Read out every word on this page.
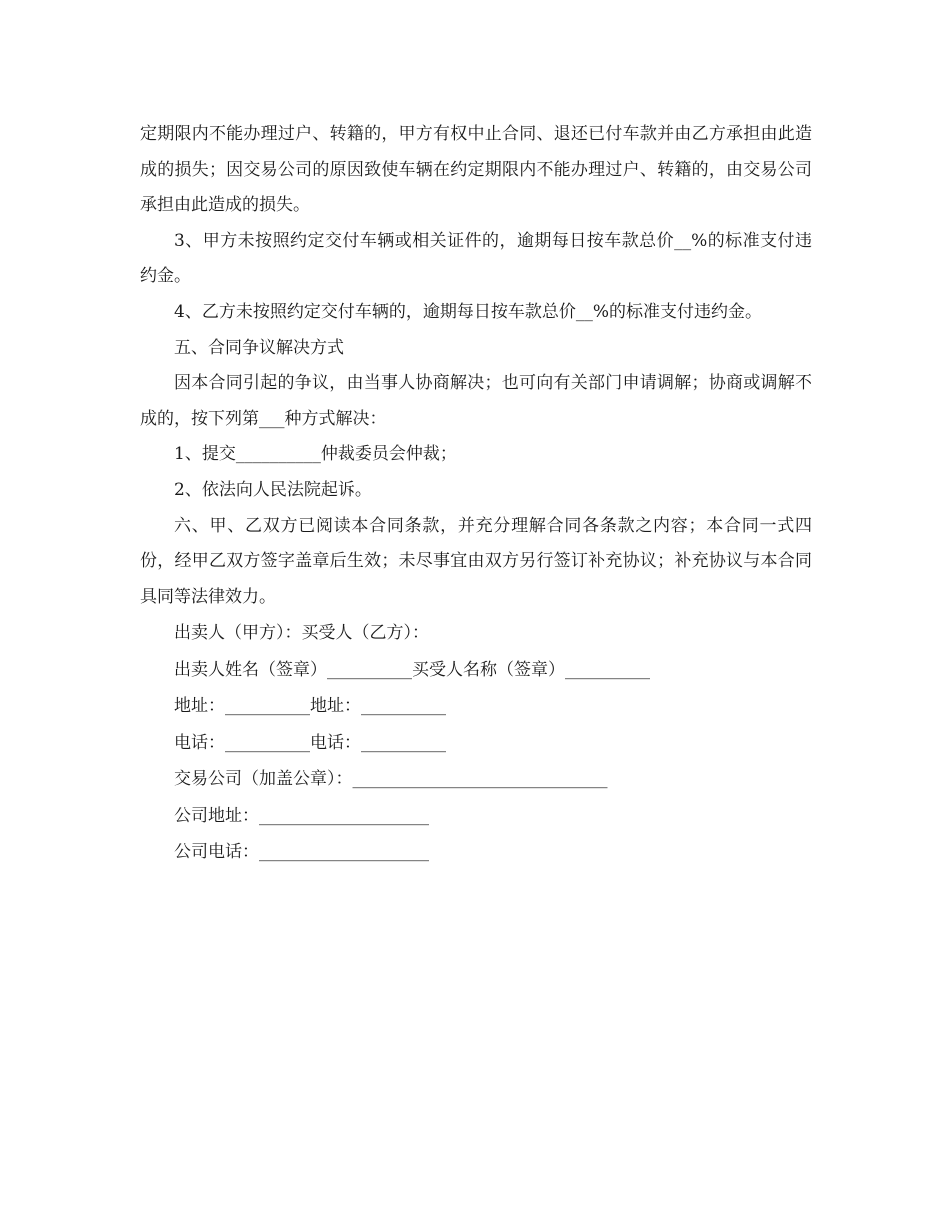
定期限内不能办理过户、转籍的，甲方有权中止合同、退还已付车款并由乙方承担由此造成的损失；因交易公司的原因致使车辆在约定期限内不能办理过户、转籍的，由交易公司承担由此造成的损失。

3、甲方未按照约定交付车辆或相关证件的，逾期每日按车款总价__%的标准支付违约金。

4、乙方未按照约定交付车辆的，逾期每日按车款总价__%的标准支付违约金。

五、合同争议解决方式

因本合同引起的争议，由当事人协商解决；也可向有关部门申请调解；协商或调解不成的，按下列第___种方式解决：

1、提交__________仲裁委员会仲裁；

2、依法向人民法院起诉。

六、甲、乙双方已阅读本合同条款，并充分理解合同各条款之内容；本合同一式四份，经甲乙双方签字盖章后生效；未尽事宜由双方另行签订补充协议；补充协议与本合同具同等法律效力。

出卖人（甲方）：买受人（乙方）：

出卖人姓名（签章）__________买受人名称（签章）__________

地址：__________地址：__________

电话：__________电话：__________

交易公司（加盖公章）：______________________________

公司地址：____________________

公司电话：____________________
